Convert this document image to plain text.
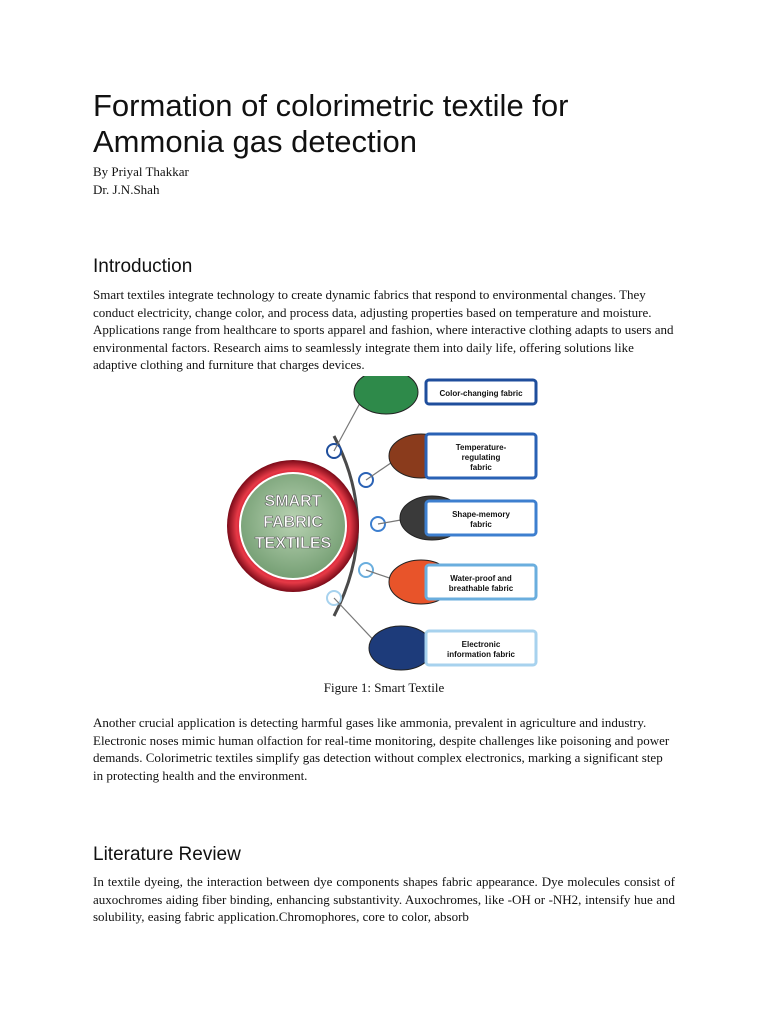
Formation of colorimetric textile for Ammonia gas detection
By Priyal Thakkar
Dr. J.N.Shah
Introduction

Smart textiles integrate technology to create dynamic fabrics that respond to environmental changes. They conduct electricity, change color, and process data, adjusting properties based on temperature and moisture. Applications range from healthcare to sports apparel and fashion, where interactive clothing adapts to users and environmental factors. Research aims to seamlessly integrate them into daily life, offering solutions like adaptive clothing and furniture that charges devices.

Color-changing fabric
Temperature-
regulating
fabric
Shape-memory
fabric
Water-proof and
breathable fabric
Electronic
information fabric
SMART
FABRIC
TEXTILES
Figure 1: Smart Textile

Another crucial application is detecting harmful gases like ammonia, prevalent in agriculture and industry. Electronic noses mimic human olfaction for real-time monitoring, despite challenges like poisoning and power demands. Colorimetric textiles simplify gas detection without complex electronics, marking a significant step in protecting health and the environment.

Literature Review

In textile dyeing, the interaction between dye components shapes fabric appearance. Dye molecules consist of auxochromes aiding fiber binding, enhancing substantivity. Auxochromes, like -OH or -NH2, intensify hue and solubility, easing fabric application.Chromophores, core to color, absorb
